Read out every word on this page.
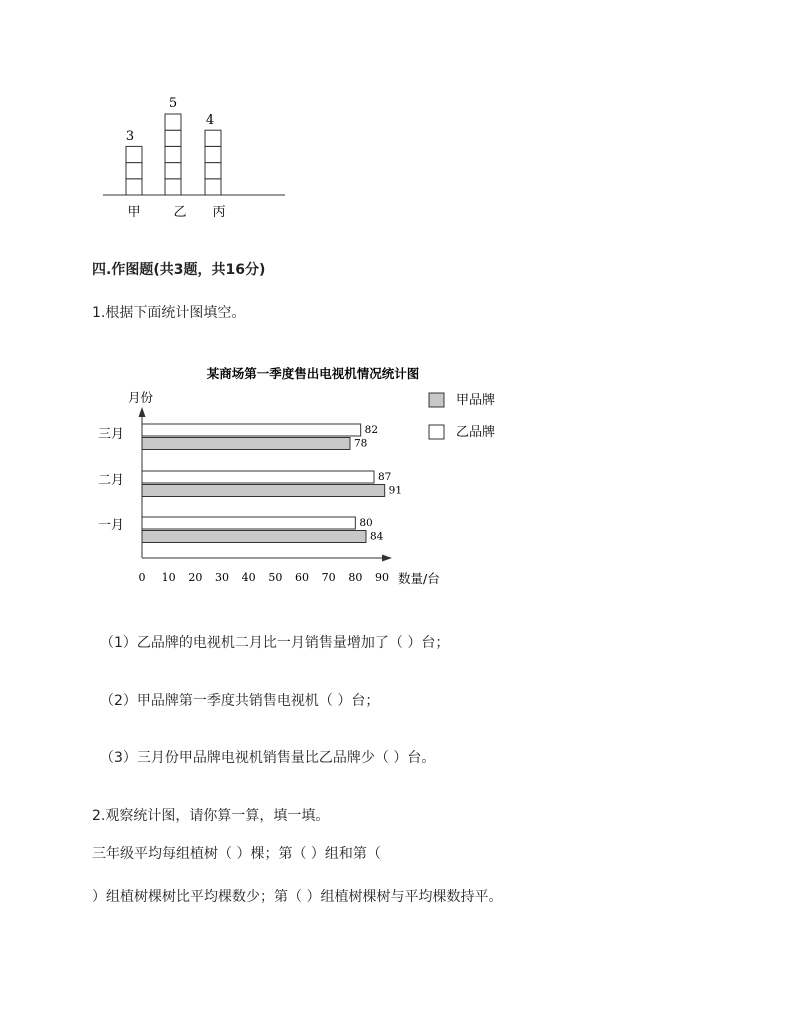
3
5
4
甲	乙 丙
四.作图题(共3题，共16分)
1.根据下面统计图填空。
某商场第一季度售出电视机情况统计图
月份
数量/台
0 10 20 30 40 50 60 70 80 90
82
78
87
91
80
84
三月
二月
一月
甲品牌
乙品牌
（1）乙品牌的电视机二月比一月销售量增加了（ ）台；
（2）甲品牌第一季度共销售电视机（ ）台；
（3）三月份甲品牌电视机销售量比乙品牌少（ ）台。
2.观察统计图，请你算一算，填一填。
三年级平均每组植树（ ）棵；第（ ）组和第（
）组植树棵树比平均棵数少；第（ ）组植树棵树与平均棵数持平。
